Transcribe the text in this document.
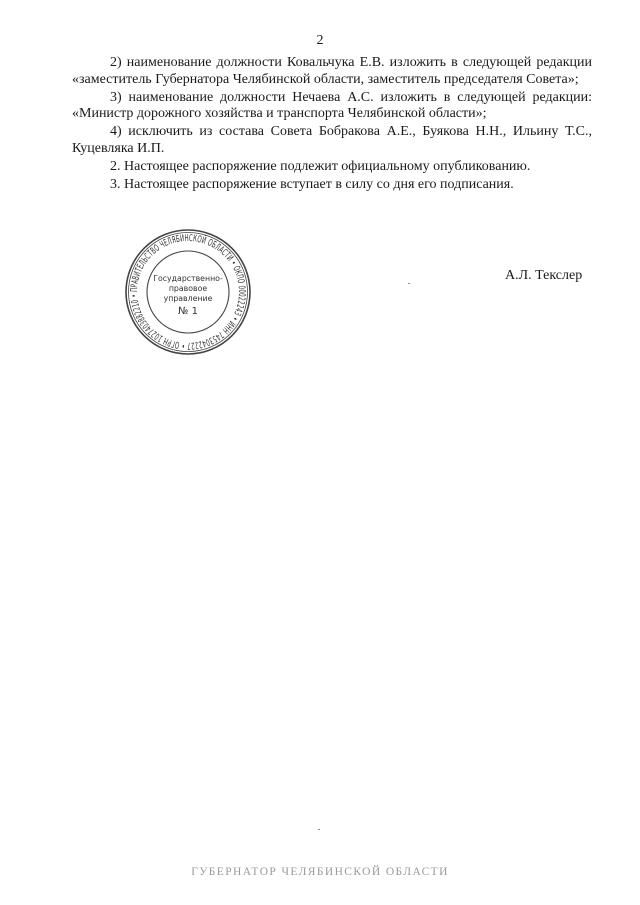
2

2) наименование должности Ковальчука Е.В. изложить в следующей редакции «заместитель Губернатора Челябинской области, заместитель председателя Совета»;

3) наименование должности Нечаева А.С. изложить в следующей редакции: «Министр дорожного хозяйства и транспорта Челябинской области»;

4) исключить из состава Совета Бобракова А.Е., Буякова Н.Н., Ильину Т.С., Куцевляка И.П.

2. Настоящее распоряжение подлежит официальному опубликованию.

3. Настоящее распоряжение вступает в силу со дня его подписания.

ПРАВИТЕЛЬСТВО ЧЕЛЯБИНСКОЙ ОБЛАСТИ • ОКПО 00022243 • ИНН 7453042227 • ОГРН 1027403882210 •
Государственно-
правовое
управление
№ 1
А.Л. Текслер
ГУБЕРНАТОР ЧЕЛЯБИНСКОЙ ОБЛАСТИ
